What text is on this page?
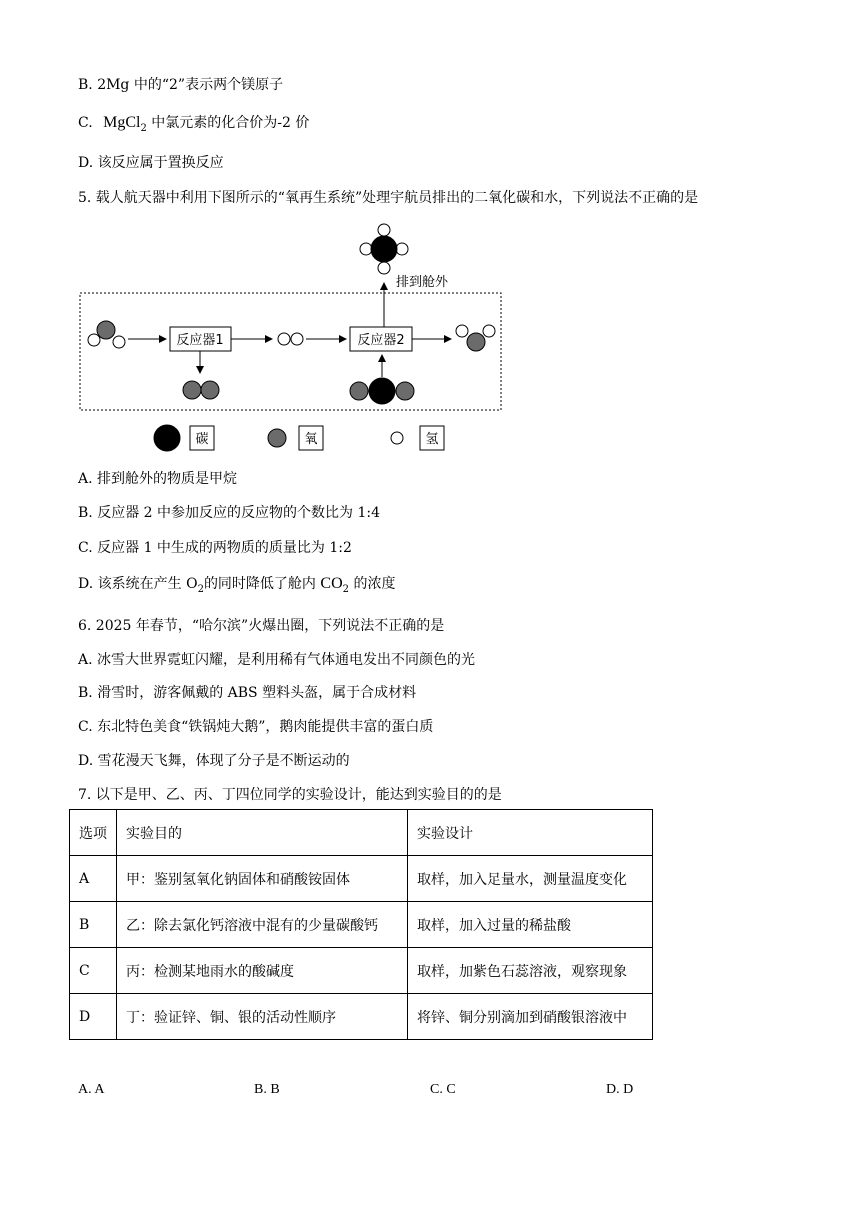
B. 2Mg 中的“2”表示两个镁原子
C. MgCl$_2$ 中氯元素的化合价为-2 价
D. 该反应属于置换反应
5. 载人航天器中利用下图所示的“氧再生系统”处理宇航员排出的二氧化碳和水，下列说法不正确的是
排到舱外
反应器1	反应器2
碳	氧	氢
A. 排到舱外的物质是甲烷
B. 反应器 2 中参加反应的反应物的个数比为 1:4
C. 反应器 1 中生成的两物质的质量比为 1:2
D. 该系统在产生 $O_2$的同时降低了舱内 $CO_2$ 的浓度
6. 2025 年春节，“哈尔滨”火爆出圈，下列说法不正确的是
A. 冰雪大世界霓虹闪耀，是利用稀有气体通电发出不同颜色的光
B. 滑雪时，游客佩戴的 ABS 塑料头盔，属于合成材料
C. 东北特色美食“铁锅炖大鹅”，鹅肉能提供丰富的蛋白质
D. 雪花漫天飞舞，体现了分子是不断运动的
7. 以下是甲、乙、丙、丁四位同学的实验设计，能达到实验目的的是
选项	实验目的	实验设计
A	甲：鉴别氢氧化钠固体和硝酸铵固体	取样，加入足量水，测量温度变化
B	乙：除去氯化钙溶液中混有的少量碳酸钙	取样，加入过量的稀盐酸
C	丙：检测某地雨水的酸碱度	取样，加紫色石蕊溶液，观察现象
D	丁：验证锌、铜、银的活动性顺序	将锌、铜分别滴加到硝酸银溶液中
A. A	B. B	C. C	D. D
